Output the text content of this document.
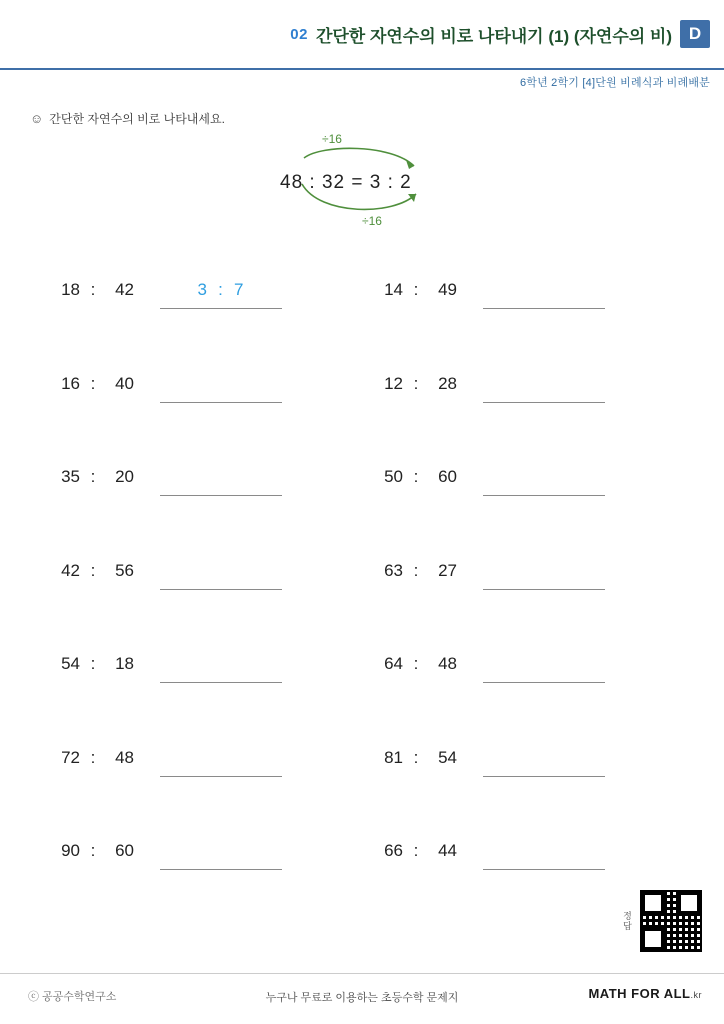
02 간단한 자연수의 비로 나타내기 (1) (자연수의 비) D
6학년 2학기 [4]단원 비례식과 비례배분
☺ 간단한 자연수의 비로 나타내세요.
÷16
48 : 32 = 3 : 2
÷16
18 :	42	3 : 7	14 :	49
16 :	40	12 :	28
35 :	20	50 :	60
42 :	56	63 :	27
54 :	18	64 :	48
72 :	48	81 :	54
90 :	60	66 :	44
정답
ⓒ 공공수학연구소	누구나 무료로 이용하는 초등수학 문제지	MATH FOR ALL.kr
